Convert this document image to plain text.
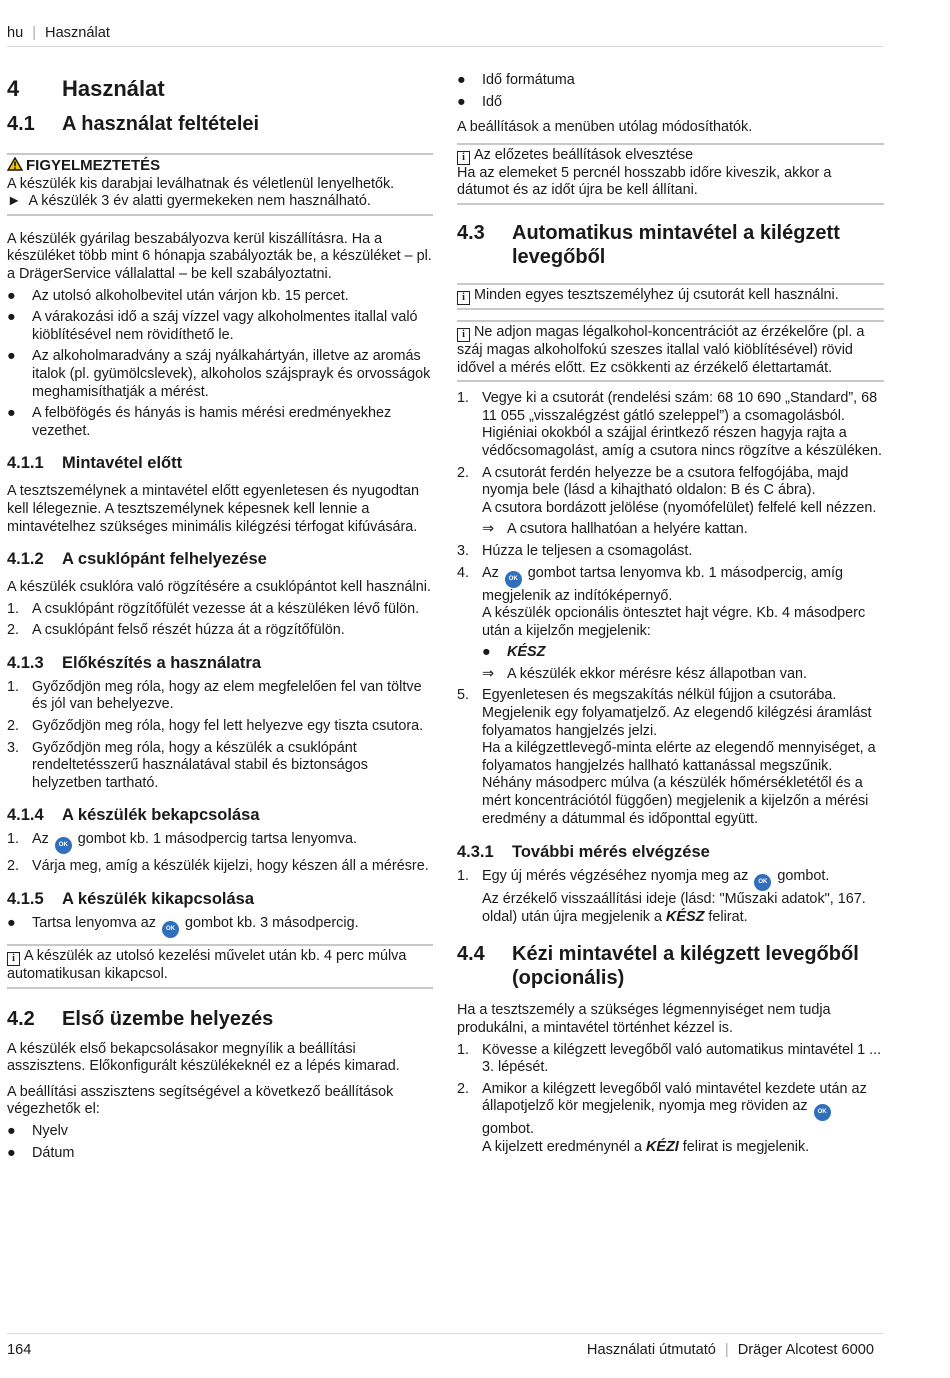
hu | Használat
4	Használat
4.1	A használat feltételei
FIGYELMEZTETÉS

A készülék kis darabjai leválhatnak és véletlenül lenyelhetők.

► A készülék 3 év alatti gyermekeken nem használható.

A készülék gyárilag beszabályozva kerül kiszállításra. Ha a készüléket több mint 6 hónapja szabályozták be, a készüléket – pl. a DrägerService vállalattal – be kell szabályoztatni.

●	Az utolsó alkoholbevitel után várjon kb. 15 percet.
●	A várakozási idő a száj vízzel vagy alkoholmentes itallal való kiöblítésével nem rövidíthető le.
●	Az alkoholmaradvány a száj nyálkahártyán, illetve az aromás italok (pl. gyümölcslevek), alkoholos szájsprayk és orvosságok meghamisíthatják a mérést.
●	A felböfögés és hányás is hamis mérési eredményekhez vezethet.
4.1.1	Mintavétel előtt

A tesztszemélynek a mintavétel előtt egyenletesen és nyugodtan kell lélegeznie. A tesztszemélynek képesnek kell lennie a mintavételhez szükséges minimális kilégzési térfogat kifúvására.

4.1.2	A csuklópánt felhelyezése

A készülék csuklóra való rögzítésére a csuklópántot kell használni.

1. A csuklópánt rögzítőfülét vezesse át a készüléken lévő fülön.
2. A csuklópánt felső részét húzza át a rögzítőfülön.
4.1.3	Előkészítés a használatra
1. Győződjön meg róla, hogy az elem megfelelően fel van töltve és jól van behelyezve.
2. Győződjön meg róla, hogy fel lett helyezve egy tiszta csutora.
3. Győződjön meg róla, hogy a készülék a csuklópánt rendeltetésszerű használatával stabil és biztonságos helyzetben tartható.
4.1.4	A készülék bekapcsolása
1. Az OK gombot kb. 1 másodpercig tartsa lenyomva.
2. Várja meg, amíg a készülék kijelzi, hogy készen áll a mérésre.
4.1.5	A készülék kikapcsolása
●	Tartsa lenyomva az OK gombot kb. 3 másodpercig.

i A készülék az utolsó kezelési művelet után kb. 4 perc múlva automatikusan kikapcsol.

4.2	Első üzembe helyezés

A készülék első bekapcsolásakor megnyílik a beállítási asszisztens. Előkonfigurált készülékeknél ez a lépés kimarad.

A beállítási asszisztens segítségével a következő beállítások végezhetők el:

●	Nyelv
●	Dátum
●	Idő formátuma
●	Idő

A beállítások a menüben utólag módosíthatók.

i Az előzetes beállítások elvesztése

Ha az elemeket 5 percnél hosszabb időre kiveszik, akkor a dátumot és az időt újra be kell állítani.

4.3	Automatikus mintavétel a kilégzett levegőből

i Minden egyes tesztszemélyhez új csutorát kell használni.

i Ne adjon magas légalkohol-koncentrációt az érzékelőre (pl. a száj magas alkoholfokú szeszes itallal való kiöblítésével) rövid idővel a mérés előtt. Ez csökkenti az érzékelő élettartamát.

1. Vegye ki a csutorát (rendelési szám: 68 10 690 „Standard”, 68 11 055 „visszalégzést gátló szeleppel”) a csomagolásból.
Higiéniai okokból a szájjal érintkező részen hagyja rajta a védőcsomagolást, amíg a csutora nincs rögzítve a készüléken.
2. A csutorát ferdén helyezze be a csutora felfogójába, majd nyomja bele (lásd a kihajtható oldalon: B és C ábra).
A csutora bordázott jelölése (nyomófelület) felfelé kell nézzen.
⇒ A csutora hallhatóan a helyére kattan.
3. Húzza le teljesen a csomagolást.
4. Az OK gombot tartsa lenyomva kb. 1 másodpercig, amíg megjelenik az indítóképernyő.
A készülék opcionális öntesztet hajt végre. Kb. 4 másodperc után a kijelzőn megjelenik:
●	KÉSZ
⇒ A készülék ekkor mérésre kész állapotban van.
5. Egyenletesen és megszakítás nélkül fújjon a csutorába. Megjelenik egy folyamatjelző. Az elegendő kilégzési áramlást folyamatos hangjelzés jelzi.
Ha a kilégzettlevegő-minta elérte az elegendő mennyiséget, a folyamatos hangjelzés hallható kattanással megszűnik.
Néhány másodperc múlva (a készülék hőmérsékletétől és a mért koncentrációtól függően) megjelenik a kijelzőn a mérési eredmény a dátummal és időponttal együtt.
4.3.1	További mérés elvégzése
1. Egy új mérés végzéséhez nyomja meg az OK gombot.
Az érzékelő visszaállítási ideje (lásd: "Műszaki adatok", 167. oldal) után újra megjelenik a KÉSZ felirat.
4.4	Kézi mintavétel a kilégzett levegőből (opcionális)

Ha a tesztszemély a szükséges légmennyiséget nem tudja produkálni, a mintavétel történhet kézzel is.

1. Kövesse a kilégzett levegőből való automatikus mintavétel 1 ... 3. lépését.
2. Amikor a kilégzett levegőből való mintavétel kezdete után az állapotjelző kör megjelenik, nyomja meg röviden az OK gombot.
A kijelzett eredménynél a KÉZI felirat is megjelenik.
164	Használati útmutató | Dräger Alcotest 6000
